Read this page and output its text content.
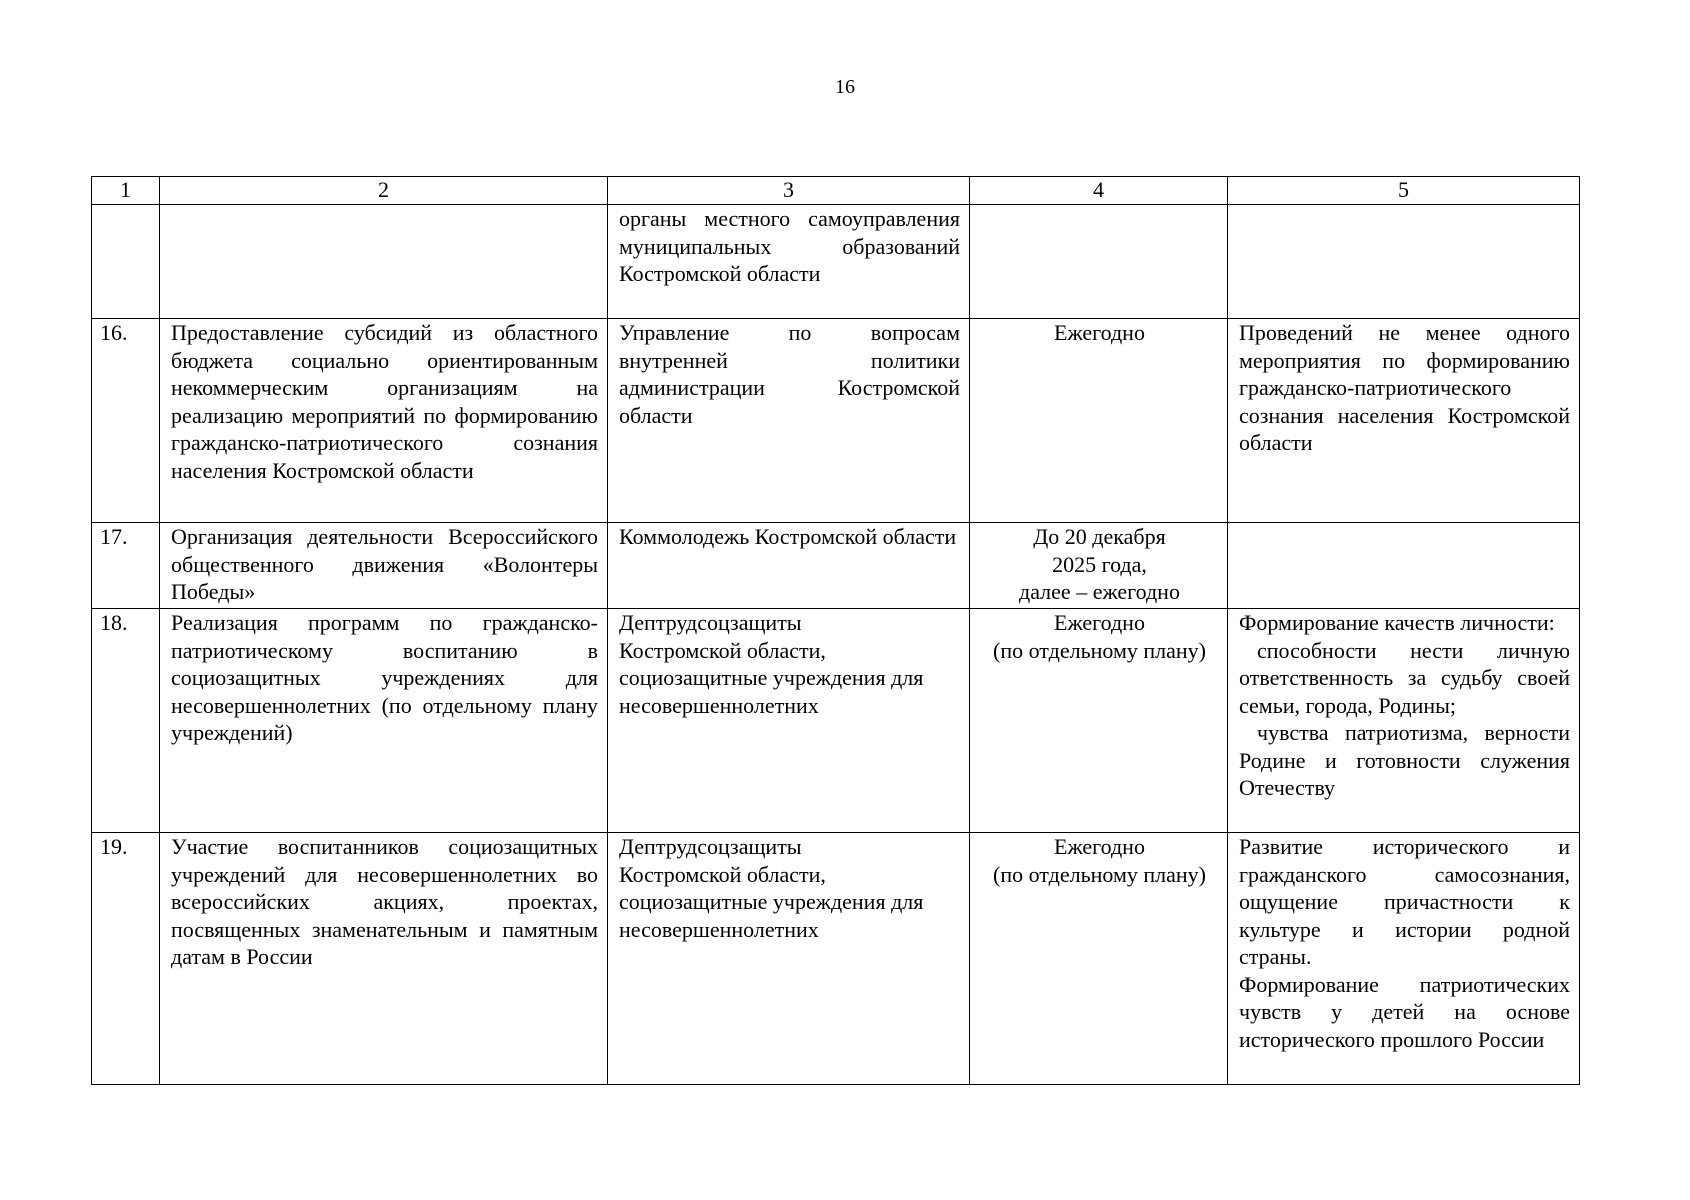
16
1	2	3	4	5
		органы местного самоуправления муниципальных образований Костромской области		
16.	Предоставление субсидий из областного бюджета социально ориентированным некоммерческим организациям на реализацию мероприятий по формированию гражданско-патриотического сознания населения Костромской области	Управление по вопросам внутренней политики администрации Костромской области	Ежегодно	Проведений не менее одного мероприятия по формированию гражданско-патриотического сознания населения Костромской области
17.	Организация деятельности Всероссийского общественного движения «Волонтеры Победы»	Коммолодежь Костромской области	До 20 декабря
2025 года,
далее – ежегодно	

18.	Реализация программ по гражданско-патриотическому воспитанию в социозащитных учреждениях для несовершеннолетних (по отдельному плану учреждений)	Дептрудсоцзащиты
Костромской области,
социозащитные учреждения для
несовершеннолетних	Ежегодно
(по отдельному плану)	Формирование качеств личности:
способности нести личную ответственность за судьбу своей семьи, города, Родины;
чувства патриотизма, верности Родине и готовности служения Отечеству

19.	Участие воспитанников социозащитных учреждений для несовершеннолетних во всероссийских акциях, проектах, посвященных знаменательным и памятным датам в России	Дептрудсоцзащиты
Костромской области,
социозащитные учреждения для
несовершеннолетних	Ежегодно
(по отдельному плану)	Развитие исторического и гражданского самосознания, ощущение причастности к культуре и истории родной страны.
Формирование патриотических чувств у детей на основе исторического прошлого России
